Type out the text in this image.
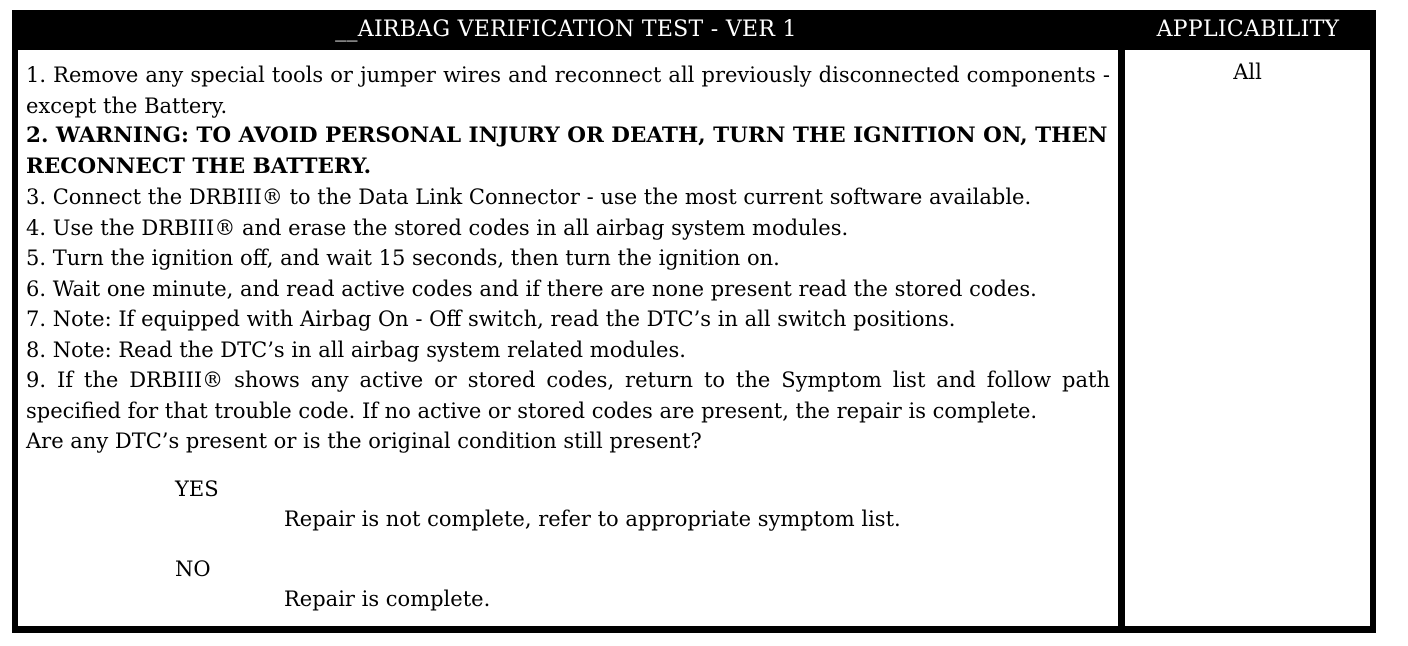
__AIRBAG VERIFICATION TEST - VER 1	APPLICABILITY
1. Remove any special tools or jumper wires and reconnect all previously disconnected components - except the Battery.
2. WARNING: TO AVOID PERSONAL INJURY OR DEATH, TURN THE IGNITION ON, THEN RECONNECT THE BATTERY.
3. Connect the DRBIII® to the Data Link Connector - use the most current software available.
4. Use the DRBIII® and erase the stored codes in all airbag system modules.
5. Turn the ignition off, and wait 15 seconds, then turn the ignition on.
6. Wait one minute, and read active codes and if there are none present read the stored codes.
7. Note: If equipped with Airbag On - Off switch, read the DTC’s in all switch positions.
8. Note: Read the DTC’s in all airbag system related modules.
9. If the DRBIII® shows any active or stored codes, return to the Symptom list and follow path specified for that trouble code. If no active or stored codes are present, the repair is complete.
Are any DTC’s present or is the original condition still present?
YES
Repair is not complete, refer to appropriate symptom list.
NO
Repair is complete.
All
